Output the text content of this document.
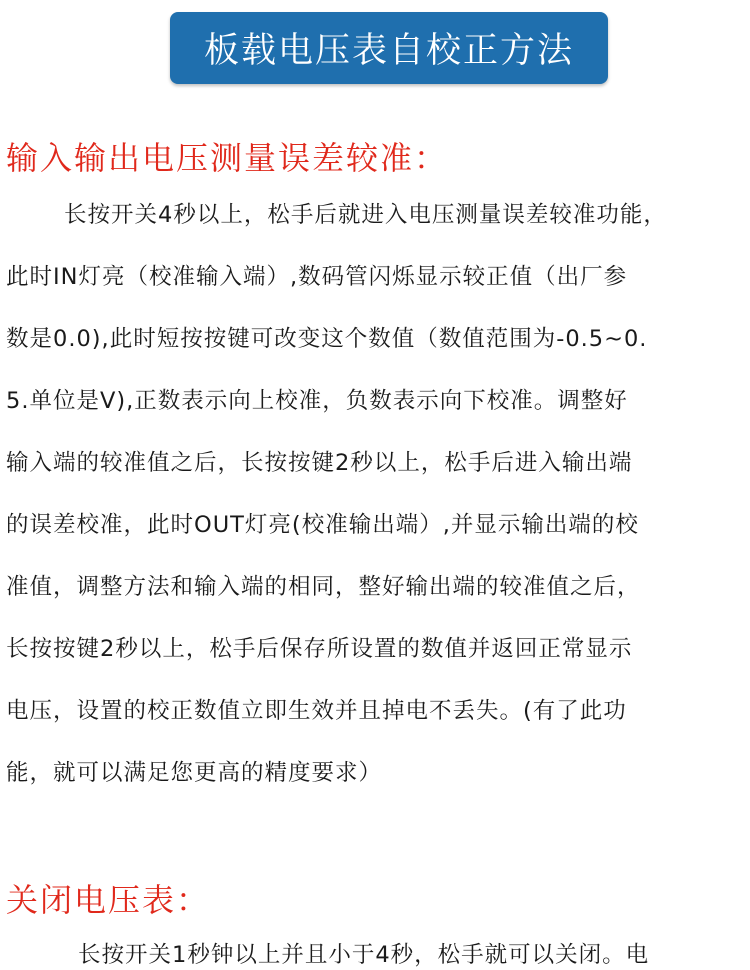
板载电压表自校正方法
输入输出电压测量误差较准：
长按开关4秒以上，松手后就进入电压测量误差较准功能，
此时IN灯亮（校准输入端）,数码管闪烁显示较正值（出厂参
数是0.0),此时短按按键可改变这个数值（数值范围为-0.5~0.
5.单位是V),正数表示向上校准，负数表示向下校准。调整好
输入端的较准值之后，长按按键2秒以上，松手后进入输出端
的误差校准，此时OUT灯亮(校准输出端）,并显示输出端的校
准值，调整方法和输入端的相同，整好输出端的较准值之后，
长按按键2秒以上，松手后保存所设置的数值并返回正常显示
电压，设置的校正数值立即生效并且掉电不丢失。(有了此功
能，就可以满足您更高的精度要求）
关闭电压表：
长按开关1秒钟以上并且小于4秒，松手就可以关闭。电
